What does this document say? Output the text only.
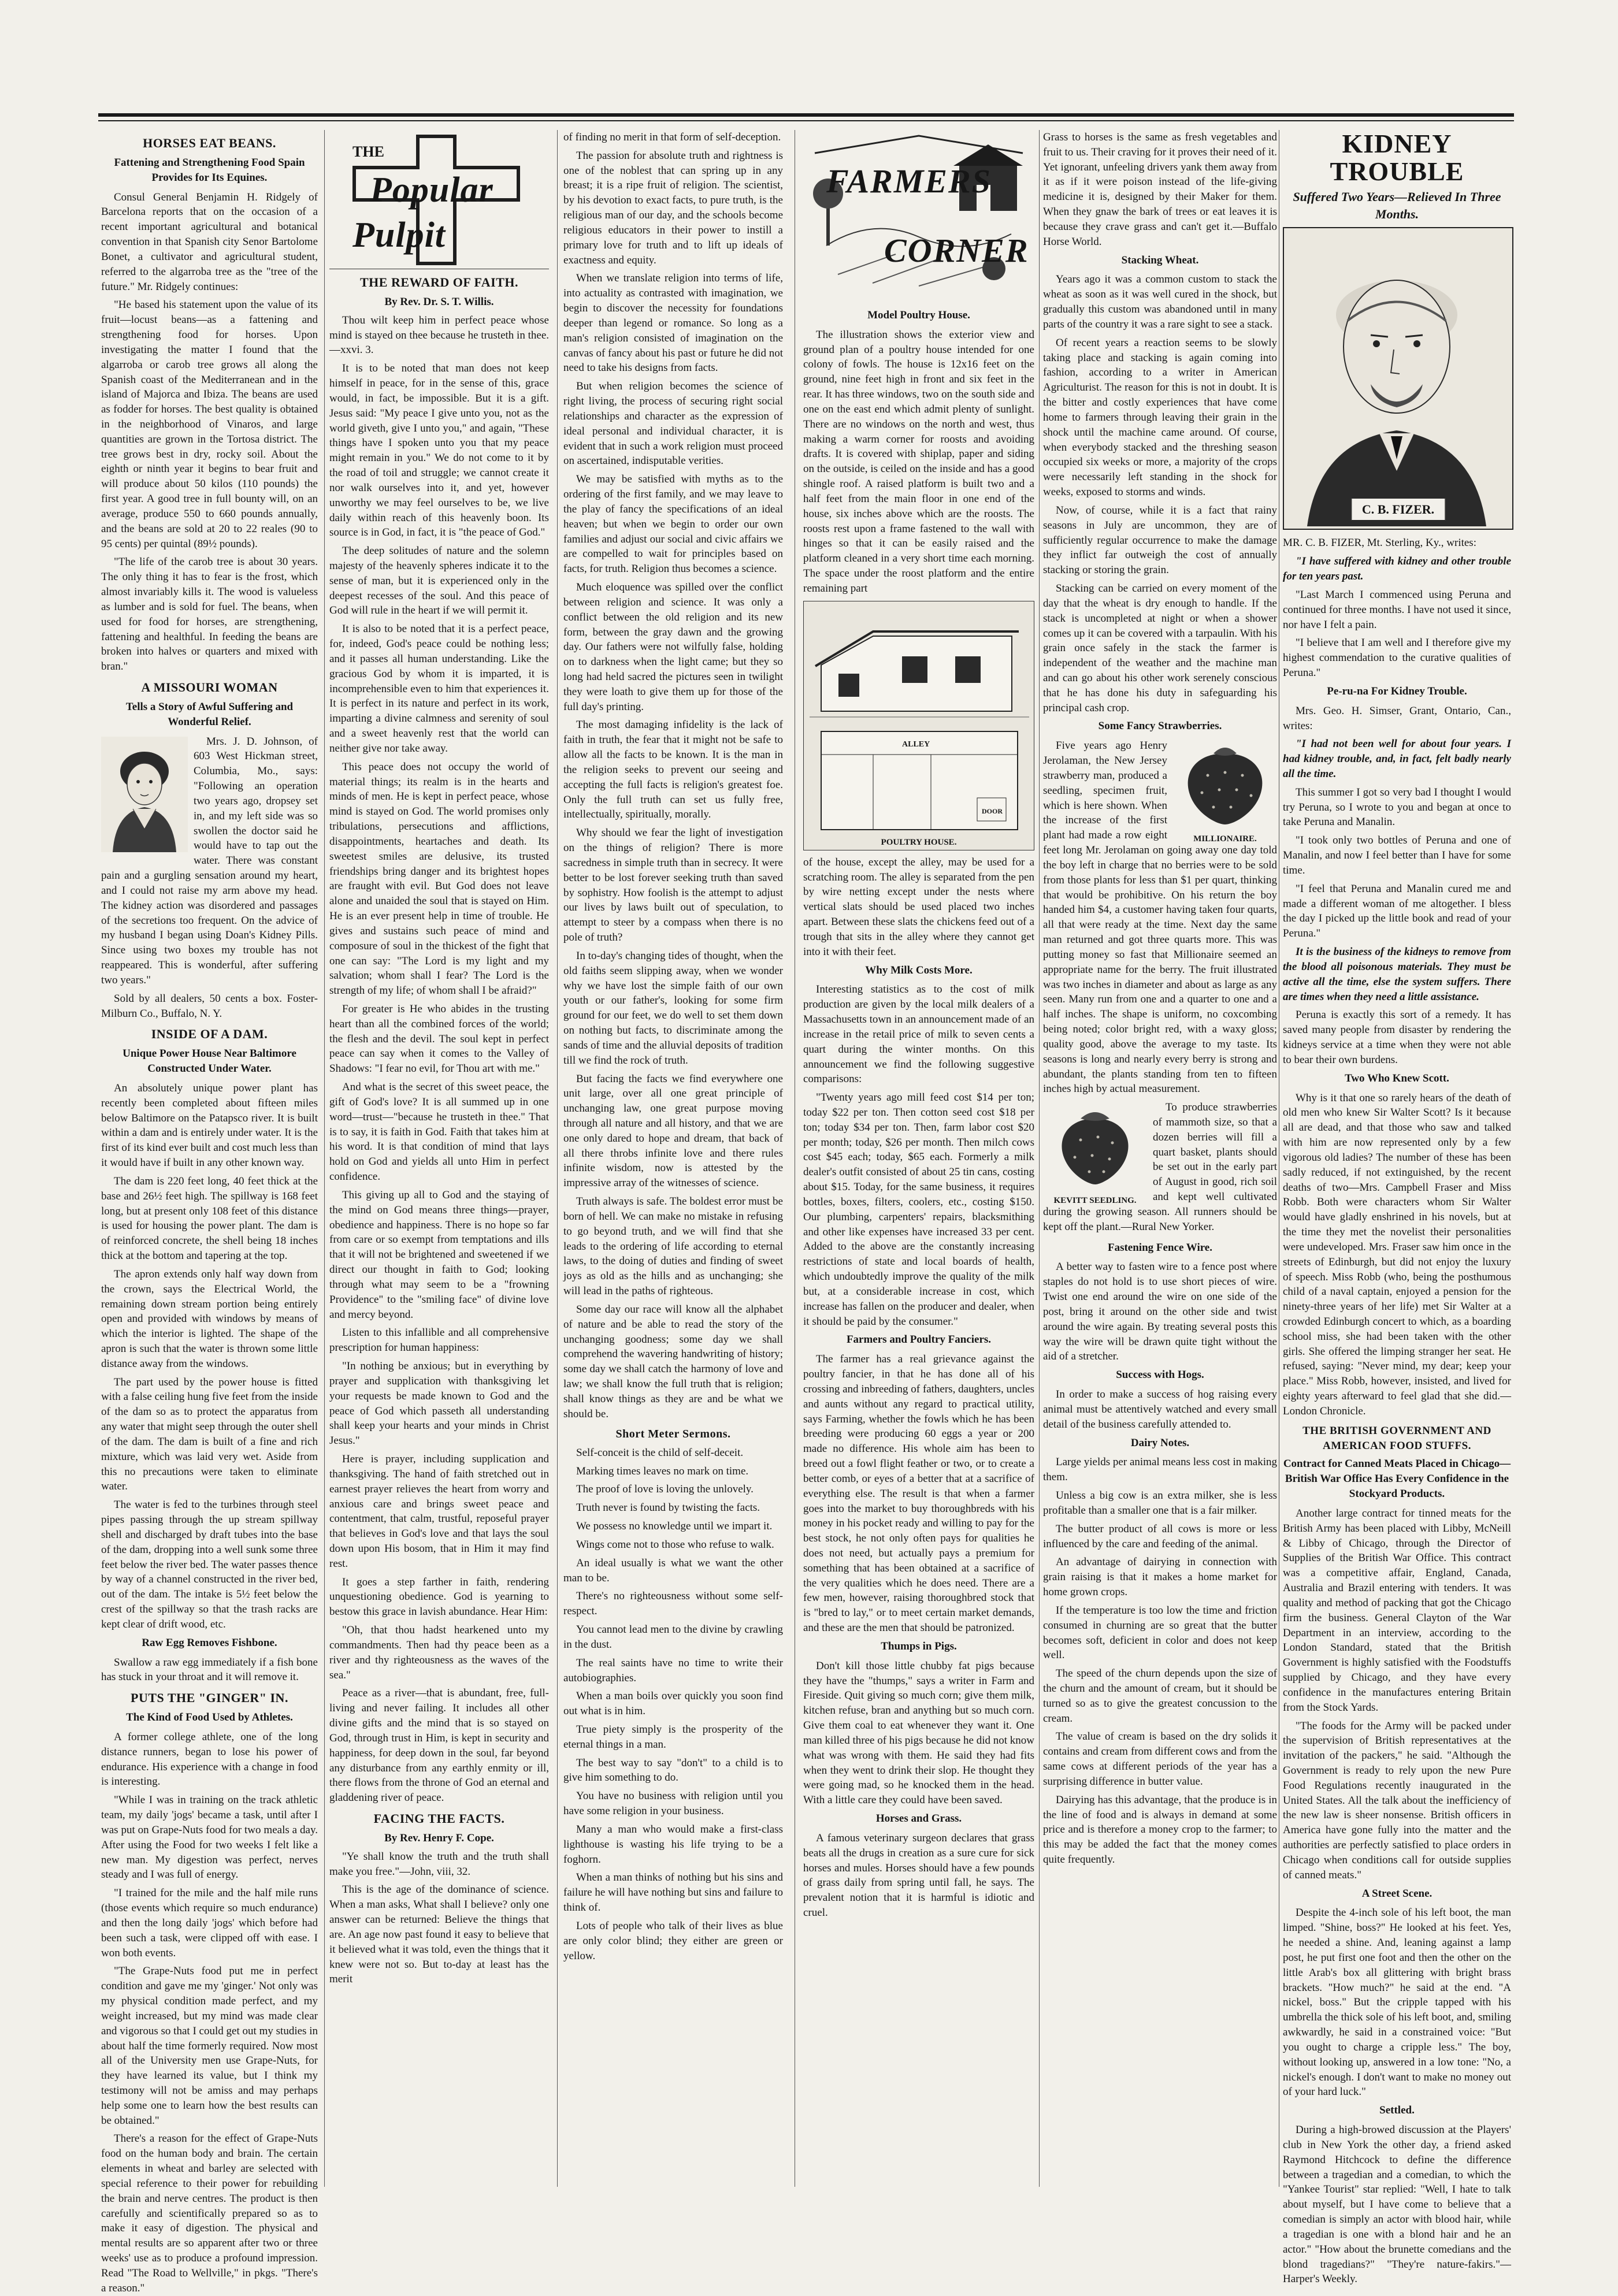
HORSES EAT BEANS.
Fattening and Strengthening Food Spain Provides for Its Equines.

Consul General Benjamin H. Ridgely of Barcelona reports that on the occasion of a recent important agricultural and botanical convention in that Spanish city Senor Bartolome Bonet, a cultivator and agricultural student, referred to the algarroba tree as the "tree of the future." Mr. Ridgely continues:

"He based his statement upon the value of its fruit—locust beans—as a fattening and strengthening food for horses. Upon investigating the matter I found that the algarroba or carob tree grows all along the Spanish coast of the Mediterranean and in the island of Majorca and Ibiza. The beans are used as fodder for horses. The best quality is obtained in the neighborhood of Vinaros, and large quantities are grown in the Tortosa district. The tree grows best in dry, rocky soil. About the eighth or ninth year it begins to bear fruit and will produce about 50 kilos (110 pounds) the first year. A good tree in full bounty will, on an average, produce 550 to 660 pounds annually, and the beans are sold at 20 to 22 reales (90 to 95 cents) per quintal (89½ pounds).

"The life of the carob tree is about 30 years. The only thing it has to fear is the frost, which almost invariably kills it. The wood is valueless as lumber and is sold for fuel. The beans, when used for food for horses, are strengthening, fattening and healthful. In feeding the beans are broken into halves or quarters and mixed with bran."

A MISSOURI WOMAN
Tells a Story of Awful Suffering and Wonderful Relief.

Mrs. J. D. Johnson, of 603 West Hickman street, Columbia, Mo., says: "Following an operation two years ago, dropsey set in, and my left side was so swollen the doctor said he would have to tap out the water. There was constant pain and a gurgling sensation around my heart, and I could not raise my arm above my head. The kidney action was disordered and passages of the secretions too frequent. On the advice of my husband I began using Doan's Kidney Pills. Since using two boxes my trouble has not reappeared. This is wonderful, after suffering two years."

Sold by all dealers, 50 cents a box. Foster-Milburn Co., Buffalo, N. Y.

INSIDE OF A DAM.
Unique Power House Near Baltimore Constructed Under Water.

An absolutely unique power plant has recently been completed about fifteen miles below Baltimore on the Patapsco river. It is built within a dam and is entirely under water. It is the first of its kind ever built and cost much less than it would have if built in any other known way.

The dam is 220 feet long, 40 feet thick at the base and 26½ feet high. The spillway is 168 feet long, but at present only 108 feet of this distance is used for housing the power plant. The dam is of reinforced concrete, the shell being 18 inches thick at the bottom and tapering at the top.

The apron extends only half way down from the crown, says the Electrical World, the remaining down stream portion being entirely open and provided with windows by means of which the interior is lighted. The shape of the apron is such that the water is thrown some little distance away from the windows.

The part used by the power house is fitted with a false ceiling hung five feet from the inside of the dam so as to protect the apparatus from any water that might seep through the outer shell of the dam. The dam is built of a fine and rich mixture, which was laid very wet. Aside from this no precautions were taken to eliminate water.

The water is fed to the turbines through steel pipes passing through the up stream spillway shell and discharged by draft tubes into the base of the dam, dropping into a well sunk some three feet below the river bed. The water passes thence by way of a channel constructed in the river bed, out of the dam. The intake is 5½ feet below the crest of the spillway so that the trash racks are kept clear of drift wood, etc.

Raw Egg Removes Fishbone.

Swallow a raw egg immediately if a fish bone has stuck in your throat and it will remove it.

PUTS THE "GINGER" IN.
The Kind of Food Used by Athletes.

A former college athlete, one of the long distance runners, began to lose his power of endurance. His experience with a change in food is interesting.

"While I was in training on the track athletic team, my daily 'jogs' became a task, until after I was put on Grape-Nuts food for two meals a day. After using the Food for two weeks I felt like a new man. My digestion was perfect, nerves steady and I was full of energy.

"I trained for the mile and the half mile runs (those events which require so much endurance) and then the long daily 'jogs' which before had been such a task, were clipped off with ease. I won both events.

"The Grape-Nuts food put me in perfect condition and gave me my 'ginger.' Not only was my physical condition made perfect, and my weight increased, but my mind was made clear and vigorous so that I could get out my studies in about half the time formerly required. Now most all of the University men use Grape-Nuts, for they have learned its value, but I think my testimony will not be amiss and may perhaps help some one to learn how the best results can be obtained."

There's a reason for the effect of Grape-Nuts food on the human body and brain. The certain elements in wheat and barley are selected with special reference to their power for rebuilding the brain and nerve centres. The product is then carefully and scientifically prepared so as to make it easy of digestion. The physical and mental results are so apparent after two or three weeks' use as to produce a profound impression. Read "The Road to Wellville," in pkgs. "There's a reason."

THE
Popular
Pulpit
THE REWARD OF FAITH.
By Rev. Dr. S. T. Willis.

Thou wilt keep him in perfect peace whose mind is stayed on thee because he trusteth in thee.—xxvi. 3.

It is to be noted that man does not keep himself in peace, for in the sense of this, grace would, in fact, be impossible. But it is a gift. Jesus said: "My peace I give unto you, not as the world giveth, give I unto you," and again, "These things have I spoken unto you that my peace might remain in you." We do not come to it by the road of toil and struggle; we cannot create it nor walk ourselves into it, and yet, however unworthy we may feel ourselves to be, we live daily within reach of this heavenly boon. Its source is in God, in fact, it is "the peace of God."

The deep solitudes of nature and the solemn majesty of the heavenly spheres indicate it to the sense of man, but it is experienced only in the deepest recesses of the soul. And this peace of God will rule in the heart if we will permit it.

It is also to be noted that it is a perfect peace, for, indeed, God's peace could be nothing less; and it passes all human understanding. Like the gracious God by whom it is imparted, it is incomprehensible even to him that experiences it. It is perfect in its nature and perfect in its work, imparting a divine calmness and serenity of soul and a sweet heavenly rest that the world can neither give nor take away.

This peace does not occupy the world of material things; its realm is in the hearts and minds of men. He is kept in perfect peace, whose mind is stayed on God. The world promises only tribulations, persecutions and afflictions, disappointments, heartaches and death. Its sweetest smiles are delusive, its trusted friendships bring danger and its brightest hopes are fraught with evil. But God does not leave alone and unaided the soul that is stayed on Him. He is an ever present help in time of trouble. He gives and sustains such peace of mind and composure of soul in the thickest of the fight that one can say: "The Lord is my light and my salvation; whom shall I fear? The Lord is the strength of my life; of whom shall I be afraid?"

For greater is He who abides in the trusting heart than all the combined forces of the world; the flesh and the devil. The soul kept in perfect peace can say when it comes to the Valley of Shadows: "I fear no evil, for Thou art with me."

And what is the secret of this sweet peace, the gift of God's love? It is all summed up in one word—trust—"because he trusteth in thee." That is to say, it is faith in God. Faith that takes him at his word. It is that condition of mind that lays hold on God and yields all unto Him in perfect confidence.

This giving up all to God and the staying of the mind on God means three things—prayer, obedience and happiness. There is no hope so far from care or so exempt from temptations and ills that it will not be brightened and sweetened if we direct our thought in faith to God; looking through what may seem to be a "frowning Providence" to the "smiling face" of divine love and mercy beyond.

Listen to this infallible and all comprehensive prescription for human happiness:

"In nothing be anxious; but in everything by prayer and supplication with thanksgiving let your requests be made known to God and the peace of God which passeth all understanding shall keep your hearts and your minds in Christ Jesus."

Here is prayer, including supplication and thanksgiving. The hand of faith stretched out in earnest prayer relieves the heart from worry and anxious care and brings sweet peace and contentment, that calm, trustful, reposeful prayer that believes in God's love and that lays the soul down upon His bosom, that in Him it may find rest.

It goes a step farther in faith, rendering unquestioning obedience. God is yearning to bestow this grace in lavish abundance. Hear Him:

"Oh, that thou hadst hearkened unto my commandments. Then had thy peace been as a river and thy righteousness as the waves of the sea."

Peace as a river—that is abundant, free, full-living and never failing. It includes all other divine gifts and the mind that is so stayed on God, through trust in Him, is kept in security and happiness, for deep down in the soul, far beyond any disturbance from any earthly enmity or ill, there flows from the throne of God an eternal and gladdening river of peace.

FACING THE FACTS.
By Rev. Henry F. Cope.

"Ye shall know the truth and the truth shall make you free."—John, viii, 32.

This is the age of the dominance of science. When a man asks, What shall I believe? only one answer can be returned: Believe the things that are. An age now past found it easy to believe that it believed what it was told, even the things that it knew were not so. But to-day at least has the merit

of finding no merit in that form of self-deception.

The passion for absolute truth and rightness is one of the noblest that can spring up in any breast; it is a ripe fruit of religion. The scientist, by his devotion to exact facts, to pure truth, is the religious man of our day, and the schools become religious educators in their power to instill a primary love for truth and to lift up ideals of exactness and equity.

When we translate religion into terms of life, into actuality as contrasted with imagination, we begin to discover the necessity for foundations deeper than legend or romance. So long as a man's religion consisted of imagination on the canvas of fancy about his past or future he did not need to take his designs from facts.

But when religion becomes the science of right living, the process of securing right social relationships and character as the expression of ideal personal and individual character, it is evident that in such a work religion must proceed on ascertained, indisputable verities.

We may be satisfied with myths as to the ordering of the first family, and we may leave to the play of fancy the specifications of an ideal heaven; but when we begin to order our own families and adjust our social and civic affairs we are compelled to wait for principles based on facts, for truth. Religion thus becomes a science.

Much eloquence was spilled over the conflict between religion and science. It was only a conflict between the old religion and its new form, between the gray dawn and the growing day. Our fathers were not wilfully false, holding on to darkness when the light came; but they so long had held sacred the pictures seen in twilight they were loath to give them up for those of the full day's printing.

The most damaging infidelity is the lack of faith in truth, the fear that it might not be safe to allow all the facts to be known. It is the man in the religion seeks to prevent our seeing and accepting the full facts is religion's greatest foe. Only the full truth can set us fully free, intellectually, spiritually, morally.

Why should we fear the light of investigation on the things of religion? There is more sacredness in simple truth than in secrecy. It were better to be lost forever seeking truth than saved by sophistry. How foolish is the attempt to adjust our lives by laws built out of speculation, to attempt to steer by a compass when there is no pole of truth?

In to-day's changing tides of thought, when the old faiths seem slipping away, when we wonder why we have lost the simple faith of our own youth or our father's, looking for some firm ground for our feet, we do well to set them down on nothing but facts, to discriminate among the sands of time and the alluvial deposits of tradition till we find the rock of truth.

But facing the facts we find everywhere one unit large, over all one great principle of unchanging law, one great purpose moving through all nature and all history, and that we are one only dared to hope and dream, that back of all there throbs infinite love and there rules infinite wisdom, now is attested by the impressive array of the witnesses of science.

Truth always is safe. The boldest error must be born of hell. We can make no mistake in refusing to go beyond truth, and we will find that she leads to the ordering of life according to eternal laws, to the doing of duties and finding of sweet joys as old as the hills and as unchanging; she will lead in the paths of righteous.

Some day our race will know all the alphabet of nature and be able to read the story of the unchanging goodness; some day we shall comprehend the wavering handwriting of history; some day we shall catch the harmony of love and law; we shall know the full truth that is religion; shall know things as they are and be what we should be.

Short Meter Sermons.

Self-conceit is the child of self-deceit.

Marking times leaves no mark on time.

The proof of love is loving the unlovely.

Truth never is found by twisting the facts.

We possess no knowledge until we impart it.

Wings come not to those who refuse to walk.

An ideal usually is what we want the other man to be.

There's no righteousness without some self-respect.

You cannot lead men to the divine by crawling in the dust.

The real saints have no time to write their autobiographies.

When a man boils over quickly you soon find out what is in him.

True piety simply is the prosperity of the eternal things in a man.

The best way to say "don't" to a child is to give him something to do.

You have no business with religion until you have some religion in your business.

Many a man who would make a first-class lighthouse is wasting his life trying to be a foghorn.

When a man thinks of nothing but his sins and failure he will have nothing but sins and failure to think of.

Lots of people who talk of their lives as blue are only color blind; they either are green or yellow.

FARMERS
CORNER
Model Poultry House.

The illustration shows the exterior view and ground plan of a poultry house intended for one colony of fowls. The house is 12x16 feet on the ground, nine feet high in front and six feet in the rear. It has three windows, two on the south side and one on the east end which admit plenty of sunlight. There are no windows on the north and west, thus making a warm corner for roosts and avoiding drafts. It is covered with shiplap, paper and siding on the outside, is ceiled on the inside and has a good shingle roof. A raised platform is built two and a half feet from the main floor in one end of the house, six inches above which are the roosts. The roosts rest upon a frame fastened to the wall with hinges so that it can be easily raised and the platform cleaned in a very short time each morning. The space under the roost platform and the entire remaining part

ALLEY
DOOR
POULTRY HOUSE.

of the house, except the alley, may be used for a scratching room. The alley is separated from the pen by wire netting except under the nests where vertical slats should be used placed two inches apart. Between these slats the chickens feed out of a trough that sits in the alley where they cannot get into it with their feet.

Why Milk Costs More.

Interesting statistics as to the cost of milk production are given by the local milk dealers of a Massachusetts town in an announcement made of an increase in the retail price of milk to seven cents a quart during the winter months. On this announcement we find the following suggestive comparisons:

"Twenty years ago mill feed cost $14 per ton; today $22 per ton. Then cotton seed cost $18 per ton; today $34 per ton. Then, farm labor cost $20 per month; today, $26 per month. Then milch cows cost $45 each; today, $65 each. Formerly a milk dealer's outfit consisted of about 25 tin cans, costing about $15. Today, for the same business, it requires bottles, boxes, filters, coolers, etc., costing $150. Our plumbing, carpenters' repairs, blacksmithing and other like expenses have increased 33 per cent. Added to the above are the constantly increasing restrictions of state and local boards of health, which undoubtedly improve the quality of the milk but, at a considerable increase in cost, which increase has fallen on the producer and dealer, when it should be paid by the consumer."

Farmers and Poultry Fanciers.

The farmer has a real grievance against the poultry fancier, in that he has done all of his crossing and inbreeding of fathers, daughters, uncles and aunts without any regard to practical utility, says Farming, whether the fowls which he has been breeding were producing 60 eggs a year or 200 made no difference. His whole aim has been to breed out a fowl flight feather or two, or to create a better comb, or eyes of a better that at a sacrifice of everything else. The result is that when a farmer goes into the market to buy thoroughbreds with his money in his pocket ready and willing to pay for the best stock, he not only often pays for qualities he does not need, but actually pays a premium for something that has been obtained at a sacrifice of the very qualities which he does need. There are a few men, however, raising thoroughbred stock that is "bred to lay," or to meet certain market demands, and these are the men that should be patronized.

Thumps in Pigs.

Don't kill those little chubby fat pigs because they have the "thumps," says a writer in Farm and Fireside. Quit giving so much corn; give them milk, kitchen refuse, bran and anything but so much corn. Give them coal to eat whenever they want it. One man killed three of his pigs because he did not know what was wrong with them. He said they had fits when they went to drink their slop. He thought they were going mad, so he knocked them in the head. With a little care they could have been saved.

Horses and Grass.

A famous veterinary surgeon declares that grass beats all the drugs in creation as a sure cure for sick horses and mules. Horses should have a few pounds of grass daily from spring until fall, he says. The prevalent notion that it is harmful is idiotic and cruel.

Grass to horses is the same as fresh vegetables and fruit to us. Their craving for it proves their need of it. Yet ignorant, unfeeling drivers yank them away from it as if it were poison instead of the life-giving medicine it is, designed by their Maker for them. When they gnaw the bark of trees or eat leaves it is because they crave grass and can't get it.—Buffalo Horse World.

Stacking Wheat.

Years ago it was a common custom to stack the wheat as soon as it was well cured in the shock, but gradually this custom was abandoned until in many parts of the country it was a rare sight to see a stack.

Of recent years a reaction seems to be slowly taking place and stacking is again coming into fashion, according to a writer in American Agriculturist. The reason for this is not in doubt. It is the bitter and costly experiences that have come home to farmers through leaving their grain in the shock until the machine came around. Of course, when everybody stacked and the threshing season occupied six weeks or more, a majority of the crops were necessarily left standing in the shock for weeks, exposed to storms and winds.

Now, of course, while it is a fact that rainy seasons in July are uncommon, they are of sufficiently regular occurrence to make the damage they inflict far outweigh the cost of annually stacking or storing the grain.

Stacking can be carried on every moment of the day that the wheat is dry enough to handle. If the stack is uncompleted at night or when a shower comes up it can be covered with a tarpaulin. With his grain once safely in the stack the farmer is independent of the weather and the machine man and can go about his other work serenely conscious that he has done his duty in safeguarding his principal cash crop.

Some Fancy Strawberries.
MILLIONAIRE.

Five years ago Henry Jerolaman, the New Jersey strawberry man, produced a seedling, specimen fruit, which is here shown. When the increase of the first plant had made a row eight feet long Mr. Jerolaman on going away one day told the boy left in charge that no berries were to be sold from those plants for less than $1 per quart, thinking that would be prohibitive. On his return the boy handed him $4, a customer having taken four quarts, all that were ready at the time. Next day the same man returned and got three quarts more. This was putting money so fast that Millionaire seemed an appropriate name for the berry. The fruit illustrated was two inches in diameter and about as large as any seen. Many run from one and a quarter to one and a half inches. The shape is uniform, no coxcombing being noted; color bright red, with a waxy gloss; quality good, above the average to my taste. Its seasons is long and nearly every berry is strong and abundant, the plants standing from ten to fifteen inches high by actual measurement.

KEVITT SEEDLING.

To produce strawberries of mammoth size, so that a dozen berries will fill a quart basket, plants should be set out in the early part of August in good, rich soil and kept well cultivated during the growing season. All runners should be kept off the plant.—Rural New Yorker.

Fastening Fence Wire.

A better way to fasten wire to a fence post where staples do not hold is to use short pieces of wire. Twist one end around the wire on one side of the post, bring it around on the other side and twist around the wire again. By treating several posts this way the wire will be drawn quite tight without the aid of a stretcher.

Success with Hogs.

In order to make a success of hog raising every animal must be attentively watched and every small detail of the business carefully attended to.

Dairy Notes.

Large yields per animal means less cost in making them.

Unless a big cow is an extra milker, she is less profitable than a smaller one that is a fair milker.

The butter product of all cows is more or less influenced by the care and feeding of the animal.

An advantage of dairying in connection with grain raising is that it makes a home market for home grown crops.

If the temperature is too low the time and friction consumed in churning are so great that the butter becomes soft, deficient in color and does not keep well.

The speed of the churn depends upon the size of the churn and the amount of cream, but it should be turned so as to give the greatest concussion to the cream.

The value of cream is based on the dry solids it contains and cream from different cows and from the same cows at different periods of the year has a surprising difference in butter value.

Dairying has this advantage, that the produce is in the line of food and is always in demand at some price and is therefore a money crop to the farmer; to this may be added the fact that the money comes quite frequently.

KIDNEY TROUBLE
Suffered Two Years—Relieved In Three Months.
C. B. FIZER.

MR. C. B. FIZER, Mt. Sterling, Ky., writes:

"I have suffered with kidney and other trouble for ten years past.

"Last March I commenced using Peruna and continued for three months. I have not used it since, nor have I felt a pain.

"I believe that I am well and I therefore give my highest commendation to the curative qualities of Peruna."

Pe-ru-na For Kidney Trouble.

Mrs. Geo. H. Simser, Grant, Ontario, Can., writes:

"I had not been well for about four years. I had kidney trouble, and, in fact, felt badly nearly all the time.

This summer I got so very bad I thought I would try Peruna, so I wrote to you and began at once to take Peruna and Manalin.

"I took only two bottles of Peruna and one of Manalin, and now I feel better than I have for some time.

"I feel that Peruna and Manalin cured me and made a different woman of me altogether. I bless the day I picked up the little book and read of your Peruna."

It is the business of the kidneys to remove from the blood all poisonous materials. They must be active all the time, else the system suffers. There are times when they need a little assistance.

Peruna is exactly this sort of a remedy. It has saved many people from disaster by rendering the kidneys service at a time when they were not able to bear their own burdens.

Two Who Knew Scott.

Why is it that one so rarely hears of the death of old men who knew Sir Walter Scott? Is it because all are dead, and that those who saw and talked with him are now represented only by a few vigorous old ladies? The number of these has been sadly reduced, if not extinguished, by the recent deaths of two—Mrs. Campbell Fraser and Miss Robb. Both were characters whom Sir Walter would have gladly enshrined in his novels, but at the time they met the novelist their personalities were undeveloped. Mrs. Fraser saw him once in the streets of Edinburgh, but did not enjoy the luxury of speech. Miss Robb (who, being the posthumous child of a naval captain, enjoyed a pension for the ninety-three years of her life) met Sir Walter at a crowded Edinburgh concert to which, as a boarding school miss, she had been taken with the other girls. She offered the limping stranger her seat. He refused, saying: "Never mind, my dear; keep your place." Miss Robb, however, insisted, and lived for eighty years afterward to feel glad that she did.—London Chronicle.

THE BRITISH GOVERNMENT AND AMERICAN FOOD STUFFS.
Contract for Canned Meats Placed in Chicago—British War Office Has Every Confidence in the Stockyard Products.

Another large contract for tinned meats for the British Army has been placed with Libby, McNeill & Libby of Chicago, through the Director of Supplies of the British War Office. This contract was a competitive affair, England, Canada, Australia and Brazil entering with tenders. It was quality and method of packing that got the Chicago firm the business. General Clayton of the War Department in an interview, according to the London Standard, stated that the British Government is highly satisfied with the Foodstuffs supplied by Chicago, and they have every confidence in the manufactures entering Britain from the Stock Yards.

"The foods for the Army will be packed under the supervision of British representatives at the invitation of the packers," he said. "Although the Government is ready to rely upon the new Pure Food Regulations recently inaugurated in the United States. All the talk about the inefficiency of the new law is sheer nonsense. British officers in America have gone fully into the matter and the authorities are perfectly satisfied to place orders in Chicago when conditions call for outside supplies of canned meats."

A Street Scene.

Despite the 4-inch sole of his left boot, the man limped. "Shine, boss?" He looked at his feet. Yes, he needed a shine. And, leaning against a lamp post, he put first one foot and then the other on the little Arab's box all glittering with bright brass brackets. "How much?" he said at the end. "A nickel, boss." But the cripple tapped with his umbrella the thick sole of his left boot, and, smiling awkwardly, he said in a constrained voice: "But you ought to charge a cripple less." The boy, without looking up, answered in a low tone: "No, a nickel's enough. I don't want to make no money out of your hard luck."

Settled.

During a high-browed discussion at the Players' club in New York the other day, a friend asked Raymond Hitchcock to define the difference between a tragedian and a comedian, to which the "Yankee Tourist" star replied: "Well, I hate to talk about myself, but I have come to believe that a comedian is simply an actor with blood hair, while a tragedian is one with a blond hair and he an actor." "How about the brunette comedians and the blond tragedians?" "They're nature-fakirs."—Harper's Weekly.
